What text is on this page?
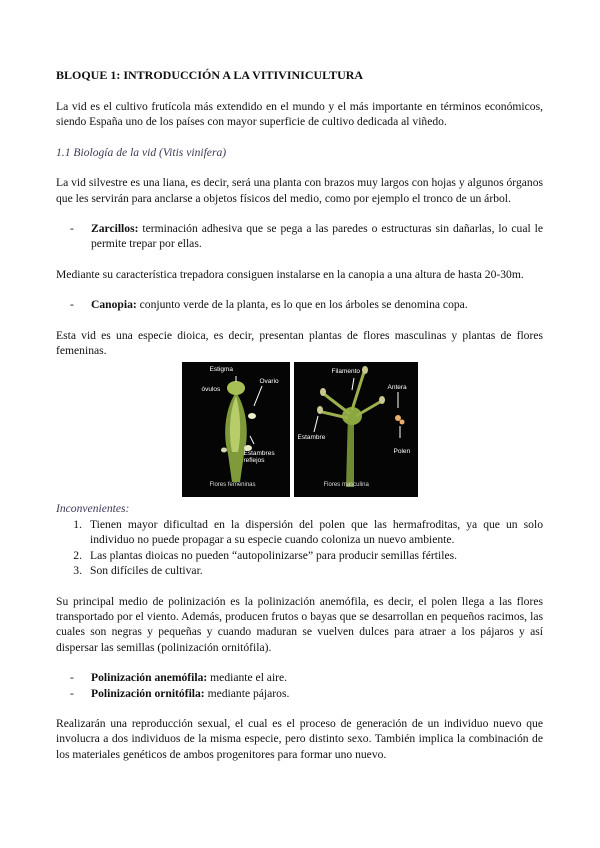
BLOQUE 1: INTRODUCCIÓN A LA VITIVINICULTURA

La vid es el cultivo frutícola más extendido en el mundo y el más importante en términos económicos, siendo España uno de los países con mayor superficie de cultivo dedicada al viñedo.

1.1 Biología de la vid (Vitis vinifera)

La vid silvestre es una liana, es decir, será una planta con brazos muy largos con hojas y algunos órganos que les servirán para anclarse a objetos físicos del medio, como por ejemplo el tronco de un árbol.

-	Zarcillos: terminación adhesiva que se pega a las paredes o estructuras sin dañarlas, lo cual le permite trepar por ellas.

Mediante su característica trepadora consiguen instalarse en la canopia a una altura de hasta 20-30m.

-	Canopia: conjunto verde de la planta, es lo que en los árboles se denomina copa.

Esta vid es una especie dioica, es decir, presentan plantas de flores masculinas y plantas de flores femeninas.

Estigma
óvulos
Ovario
Estambres reflejos
Flores femeninas
Filamento
Antera
Estambre
Polen
Flores masculina

Inconvenientes:

1. Tienen mayor dificultad en la dispersión del polen que las hermafroditas, ya que un solo individuo no puede propagar a su especie cuando coloniza un nuevo ambiente.
2. Las plantas dioicas no pueden “autopolinizarse” para producir semillas fértiles.
3. Son difíciles de cultivar.

Su principal medio de polinización es la polinización anemófila, es decir, el polen llega a las flores transportado por el viento. Además, producen frutos o bayas que se desarrollan en pequeños racimos, las cuales son negras y pequeñas y cuando maduran se vuelven dulces para atraer a los pájaros y así dispersar las semillas (polinización ornitófila).

-	Polinización anemófila: mediante el aire.
-	Polinización ornitófila: mediante pájaros.

Realizarán una reproducción sexual, el cual es el proceso de generación de un individuo nuevo que involucra a dos individuos de la misma especie, pero distinto sexo. También implica la combinación de los materiales genéticos de ambos progenitores para formar uno nuevo.
